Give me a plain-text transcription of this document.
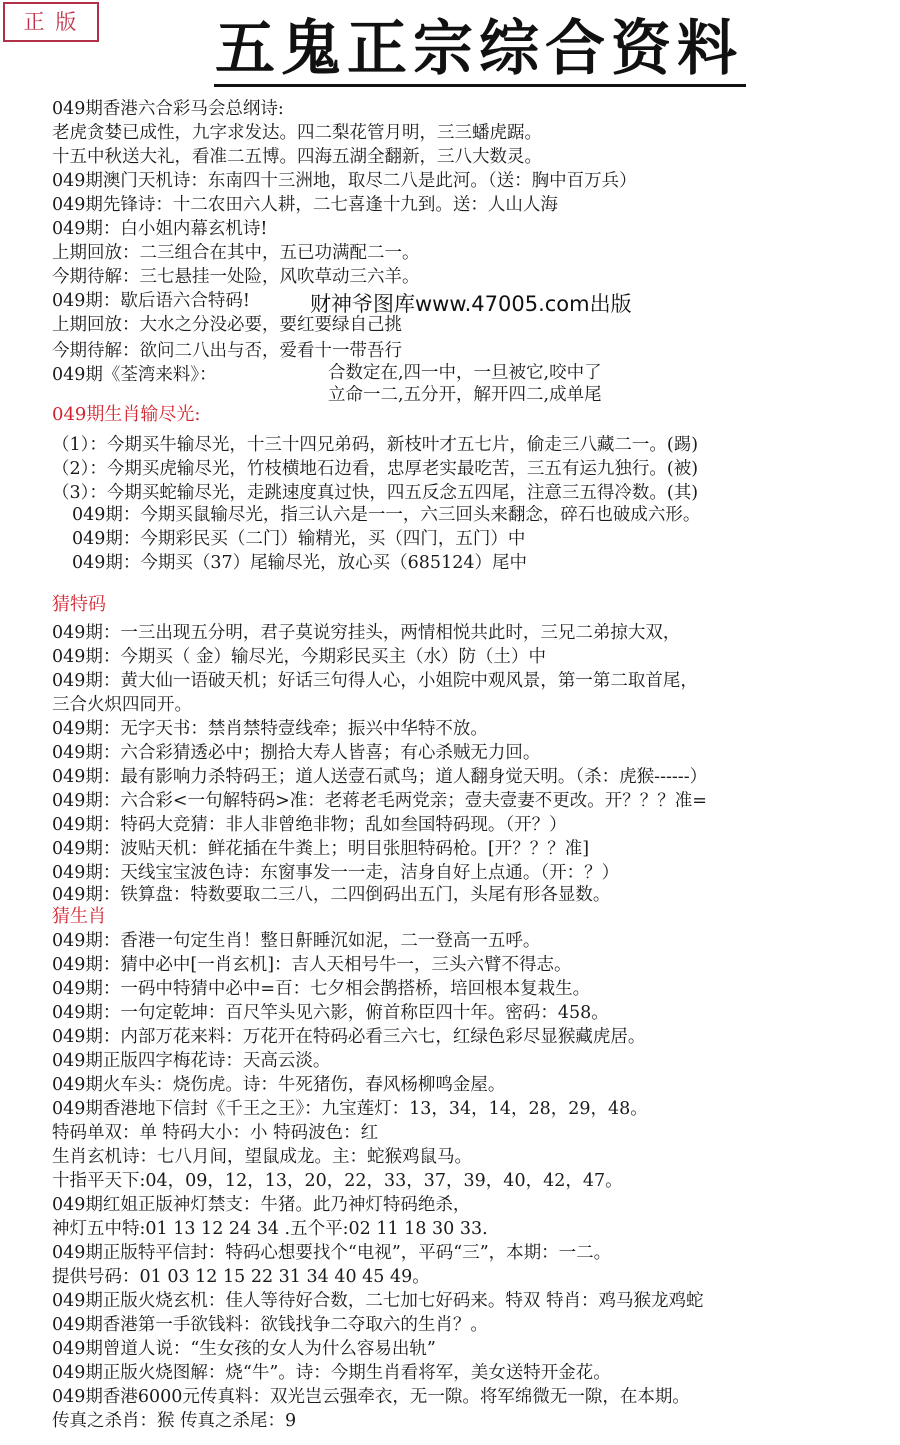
正 版	五鬼正宗综合资料
049期香港六合彩马会总纲诗:
老虎贪婪已成性，九字求发达。四二梨花管月明，三三蟠虎踞。
十五中秋送大礼，看准二五博。四海五湖全翻新，三八大数灵。
049期澳门天机诗：东南四十三洲地，取尽二八是此河。（送：胸中百万兵）
049期先锋诗：十二农田六人耕，二七喜逢十九到。送：人山人海
049期：白小姐内幕玄机诗!
上期回放：二三组合在其中，五已功满配二一。
今期待解：三七悬挂一处险，风吹草动三六羊。
049期：歇后语六合特码!
上期回放：大水之分没必要，要红要绿自己挑
今期待解：欲问二八出与否，爱看十一带吾行
049期《荃湾来料》：	合数定在,四一中，一旦被它,咬中了
立命一二,五分开，解开四二,成单尾
049期生肖输尽光:
（1）：今期买牛输尽光，十三十四兄弟码，新枝叶才五七片，偷走三八藏二一。(踢)
（2）：今期买虎输尽光，竹枝横地石边看，忠厚老实最吃苦，三五有运九独行。(被)
（3）：今期买蛇输尽光，走跳速度真过快，四五反念五四尾，注意三五得冷数。(其)
049期：今期买鼠输尽光，指三认六是一一，六三回头来翻念，碎石也破成六形。
049期：今期彩民买（二门）输精光，买（四门，五门）中
049期：今期买（37）尾输尽光，放心买（685124）尾中
猜特码
049期：一三出现五分明，君子莫说穷挂头，两情相悦共此时，三兄二弟掠大双，
049期：今期买（ 金）输尽光，今期彩民买主（水）防（土）中
049期：黄大仙一语破天机；好话三句得人心，小姐院中观风景，第一第二取首尾，
三合火炽四同开。
049期：无字天书：禁肖禁特壹线牵；振兴中华特不放。
049期：六合彩猜透必中；捌拾大寿人皆喜；有心杀贼无力回。
049期：最有影响力杀特码王；道人送壹石贰鸟；道人翻身觉天明。（杀：虎猴------）
049期：六合彩<一句解特码>准：老蒋老毛两党亲；壹夫壹妻不更改。开？？？准=
049期：特码大竞猜：非人非曾绝非物；乱如叁国特码现。（开？）
049期：波贴天机：鲜花插在牛粪上；明目张胆特码枪。[开？？？准]
049期：天线宝宝波色诗：东窗事发一一走，洁身自好上点通。（开：？）
049期：铁算盘：特数要取二三八，二四倒码出五门，头尾有形各显数。
猜生肖
049期：香港一句定生肖！整日鼾睡沉如泥，二一登高一五呼。
049期：猜中必中[一肖玄机]：吉人天相号牛一，三头六臂不得志。
049期：一码中特猜中必中=百：七夕相会鹊搭桥，培回根本复栽生。
049期：一句定乾坤：百尺竿头见六影，俯首称臣四十年。密码：458。
049期：内部万花来料：万花开在特码必看三六七，红绿色彩尽显猴藏虎居。
049期正版四字梅花诗：天高云淡。
049期火车头：烧伤虎。诗：牛死猪伤，春风杨柳鸣金屋。
049期香港地下信封《千王之王》：九宝莲灯：13，34，14，28，29，48。
特码单双：单 特码大小：小 特码波色：红
生肖玄机诗：七八月间，望鼠成龙。主：蛇猴鸡鼠马。
十指平天下:04，09，12，13，20，22，33，37，39，40，42，47。
049期红姐正版神灯禁支：牛猪。此乃神灯特码绝杀，
神灯五中特:01 13 12 24 34 .五个平:02 11 18 30 33.
049期正版特平信封：特码心想要找个“电视”，平码“三”，本期：一二。
提供号码：01 03 12 15 22 31 34 40 45 49。
049期正版火烧玄机：佳人等待好合数，二七加七好码来。特双 特肖：鸡马猴龙鸡蛇
049期香港第一手欲钱料：欲钱找争二夺取六的生肖？。
049期曾道人说：“生女孩的女人为什么容易出轨”
049期正版火烧图解：烧“牛”。诗：今期生肖看将军，美女送特开金花。
049期香港6000元传真料：双光岂云强牵衣，无一隙。将军绵微无一隙，在本期。
传真之杀肖：猴 传真之杀尾：9
财神爷图库www.47005.com出版
